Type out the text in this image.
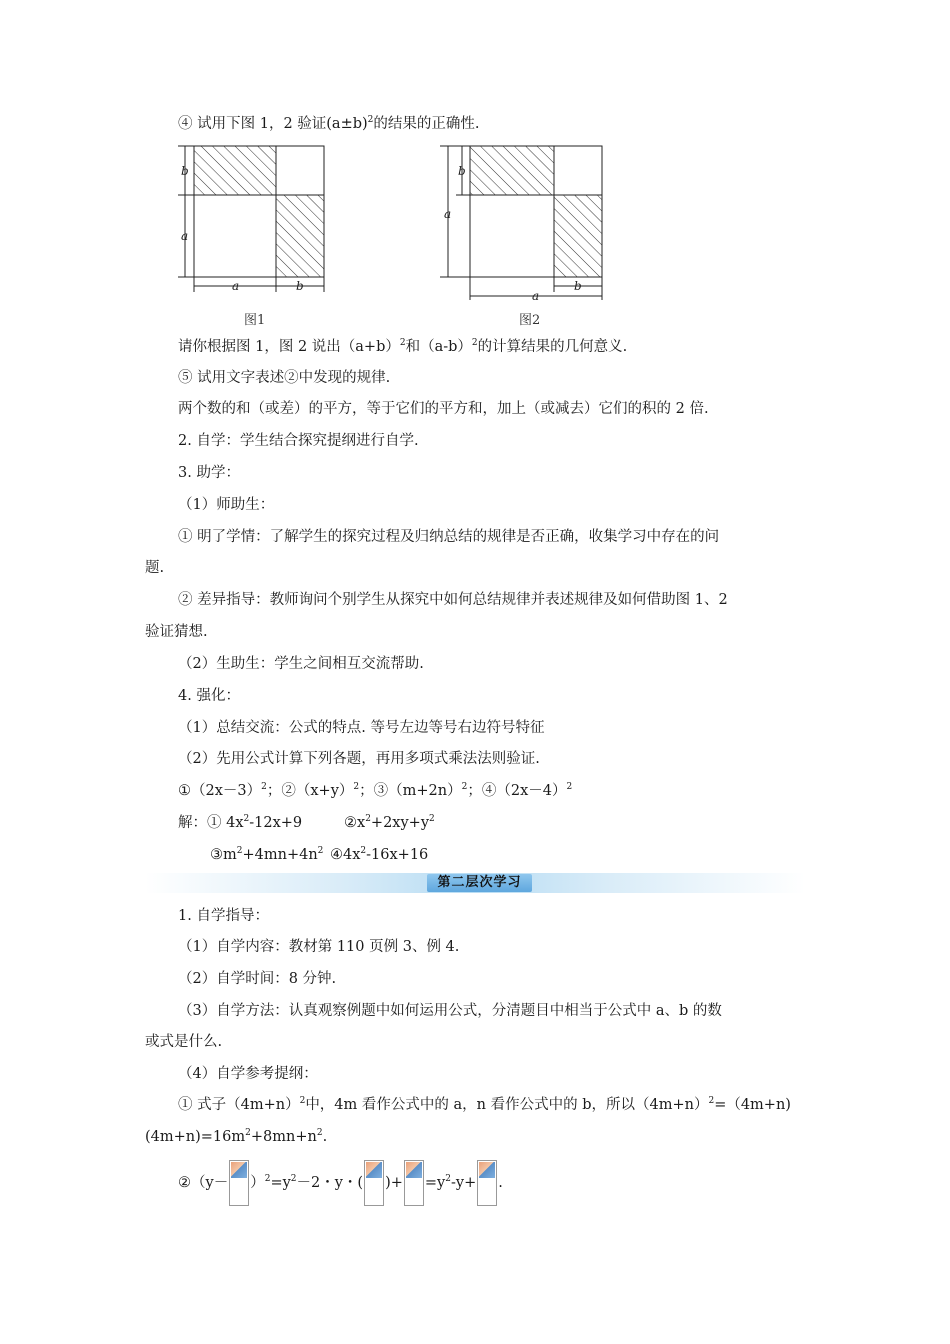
④ 试用下图 1，2 验证$(a\pm b)^2$的结果的正确性.
b
a
a	b
图1
b
a
b
a
图2
请你根据图 1，图 2 说出$(a+b)^2$和$(a-b)^2$的计算结果的几何意义.
⑤ 试用文字表述②中发现的规律.
两个数的和（或差）的平方，等于它们的平方和，加上（或减去）它们的积的 2 倍.
2. 自学：学生结合探究提纲进行自学.
3. 助学：
（1）师助生：
① 明了学情：了解学生的探究过程及归纳总结的规律是否正确，收集学习中存在的问
题.
② 差异指导：教师询问个别学生从探究中如何总结规律并表述规律及如何借助图 1、2
验证猜想.
（2）生助生：学生之间相互交流帮助.
4. 强化：
（1）总结交流：公式的特点. 等号左边等号右边符号特征
（2）先用公式计算下列各题，再用多项式乘法法则验证.
$①(2x-3)^2$；$②(x+y)^2$；$③(m+2n)^2$；$④(2x-4)^2$
解：① $4x^2-12x+9$	$②x^2+2xy+y^2$
$③m^2+4mn+4n^2$ $④4x^2-16x+16$
第二层次学习
1. 自学指导：
（1）自学内容：教材第 110 页例 3、例 4.
（2）自学时间：8 分钟.
（3）自学方法：认真观察例题中如何运用公式，分清题目中相当于公式中 a、b 的数
或式是什么.
（4）自学参考提纲：
① 式子$(4m+n)^2$中，4m 看作公式中的 a，n 看作公式中的 b，所以$(4m+n)^2=(4m+n)$
$(4m+n)=16m^2+8mn+n^2$.
②（y－ ）$^2=y^2-2$・y・( )+ $=y^2-y+$ .
